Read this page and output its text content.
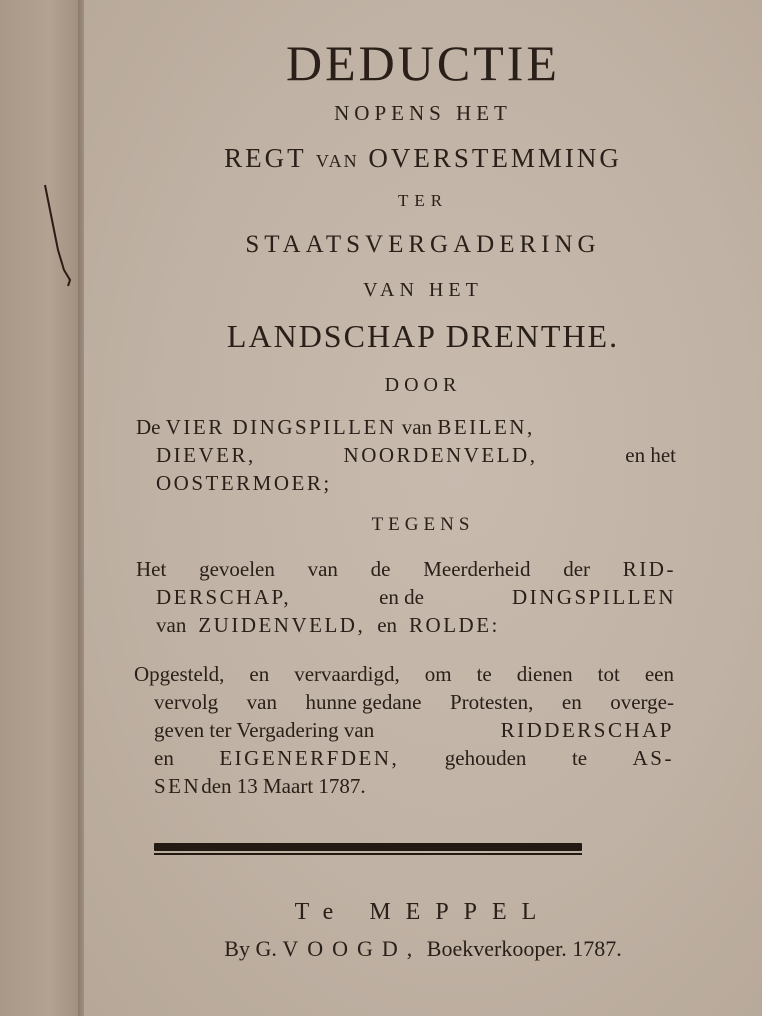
DEDUCTIE
NOPENS HET
REGT VAN OVERSTEMMING
TER
STAATSVERGADERING
VAN HET
LANDSCHAP DRENTHE.
DOOR
De VIER DINGSPILLEN van BEILEN,
DIEVER,	NOORDENVELD,	en het
OOSTERMOER;
TEGENS
Het gevoelen van de Meerderheid der RID-
DERSCHAP,	en de	DINGSPILLEN
van ZUIDENVELD, en ROLDE:
Opgesteld, en vervaardigd, om te dienen tot een
vervolg van hunne gedane Protesten, en overge-
geven ter Vergadering van	RIDDERSCHAP
en EIGENERFDEN, gehouden te AS-
SEN den 13 Maart 1787.
Te MEPPEL
By G. VOOGD, Boekverkooper. 1787.
